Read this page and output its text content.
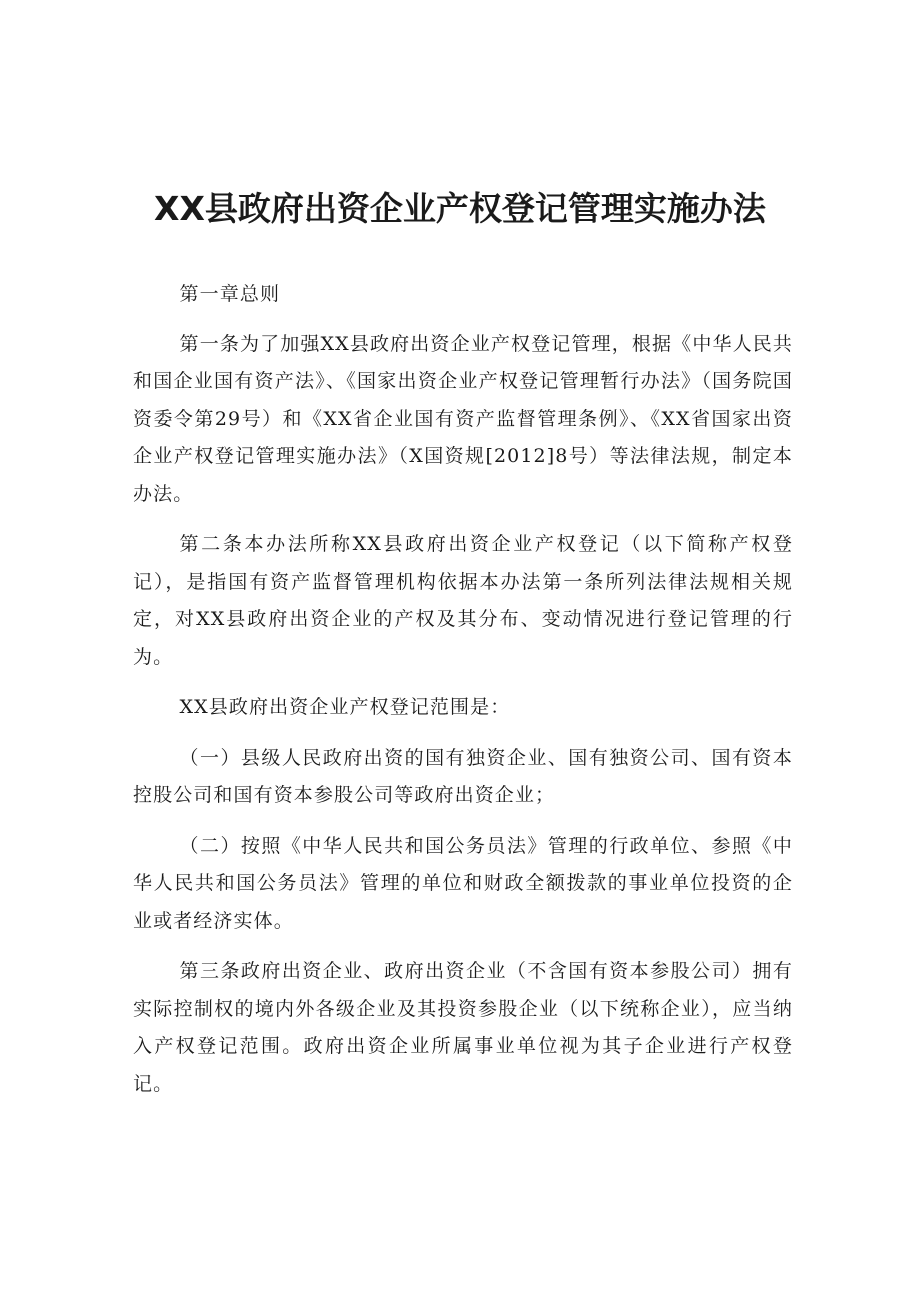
XX县政府出资企业产权登记管理实施办法

第一章总则

第一条为了加强XX县政府出资企业产权登记管理，根据《中华人民共和国企业国有资产法》、《国家出资企业产权登记管理暂行办法》（国务院国资委令第29号）和《XX省企业国有资产监督管理条例》、《XX省国家出资企业产权登记管理实施办法》（X国资规[2012]8号）等法律法规，制定本办法。

第二条本办法所称XX县政府出资企业产权登记（以下简称产权登记），是指国有资产监督管理机构依据本办法第一条所列法律法规相关规定，对XX县政府出资企业的产权及其分布、变动情况进行登记管理的行为。

XX县政府出资企业产权登记范围是：

（一）县级人民政府出资的国有独资企业、国有独资公司、国有资本控股公司和国有资本参股公司等政府出资企业；

（二）按照《中华人民共和国公务员法》管理的行政单位、参照《中华人民共和国公务员法》管理的单位和财政全额拨款的事业单位投资的企业或者经济实体。

第三条政府出资企业、政府出资企业（不含国有资本参股公司）拥有实际控制权的境内外各级企业及其投资参股企业（以下统称企业），应当纳入产权登记范围。政府出资企业所属事业单位视为其子企业进行产权登记。
